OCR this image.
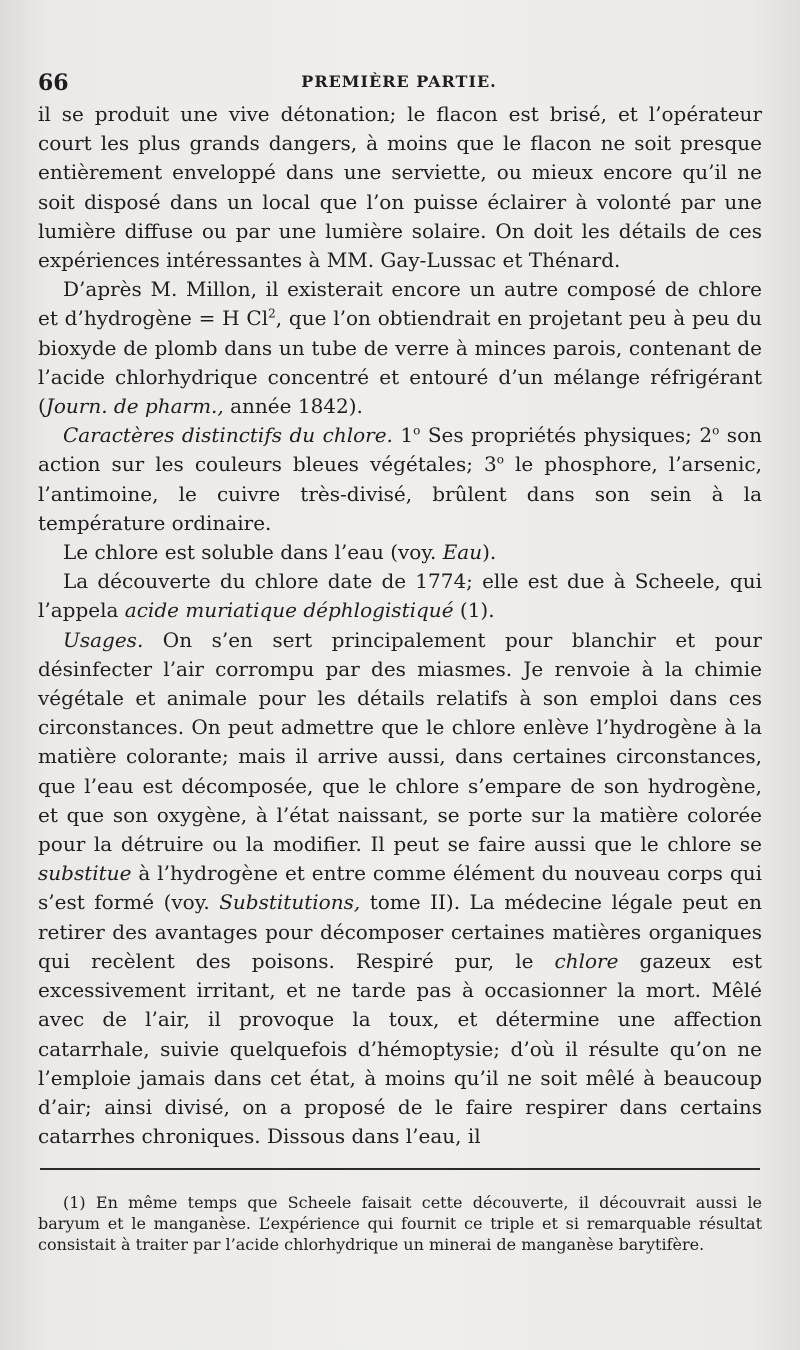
66	PREMIÈRE PARTIE.

il se produit une vive détonation; le flacon est brisé, et l’opérateur court les plus grands dangers, à moins que le flacon ne soit presque entièrement enveloppé dans une serviette, ou mieux encore qu’il ne soit disposé dans un local que l’on puisse éclairer à volonté par une lumière diffuse ou par une lumière solaire. On doit les détails de ces expériences intéressantes à MM. Gay-Lussac et Thénard.

D’après M. Millon, il existerait encore un autre composé de chlore et d’hydrogène = H Cl$^2$, que l’on obtiendrait en projetant peu à peu du bioxyde de plomb dans un tube de verre à minces parois, contenant de l’acide chlorhydrique concentré et entouré d’un mélange réfrigérant (Journ. de pharm., année 1842).

Caractères distinctifs du chlore. 1$^o$ Ses propriétés physiques; 2$^o$ son action sur les couleurs bleues végétales; 3$^o$ le phosphore, l’arsenic, l’antimoine, le cuivre très-divisé, brûlent dans son sein à la température ordinaire.

Le chlore est soluble dans l’eau (voy. Eau).

La découverte du chlore date de 1774; elle est due à Scheele, qui l’appela acide muriatique déphlogistiqué (1).

Usages. On s’en sert principalement pour blanchir et pour désinfecter l’air corrompu par des miasmes. Je renvoie à la chimie végétale et animale pour les détails relatifs à son emploi dans ces circonstances. On peut admettre que le chlore enlève l’hydrogène à la matière colorante; mais il arrive aussi, dans certaines circonstances, que l’eau est décomposée, que le chlore s’empare de son hydrogène, et que son oxygène, à l’état naissant, se porte sur la matière colorée pour la détruire ou la modifier. Il peut se faire aussi que le chlore se substitue à l’hydrogène et entre comme élément du nouveau corps qui s’est formé (voy. Substitutions, tome II). La médecine légale peut en retirer des avantages pour décomposer certaines matières organiques qui recèlent des poisons. Respiré pur, le chlore gazeux est excessivement irritant, et ne tarde pas à occasionner la mort. Mêlé avec de l’air, il provoque la toux, et détermine une affection catarrhale, suivie quelquefois d’hémoptysie; d’où il résulte qu’on ne l’emploie jamais dans cet état, à moins qu’il ne soit mêlé à beaucoup d’air; ainsi divisé, on a proposé de le faire respirer dans certains catarrhes chroniques. Dissous dans l’eau, il

(1) En même temps que Scheele faisait cette découverte, il découvrait aussi le baryum et le manganèse. L’expérience qui fournit ce triple et si remarquable résultat consistait à traiter par l’acide chlorhydrique un minerai de manganèse barytifère.
